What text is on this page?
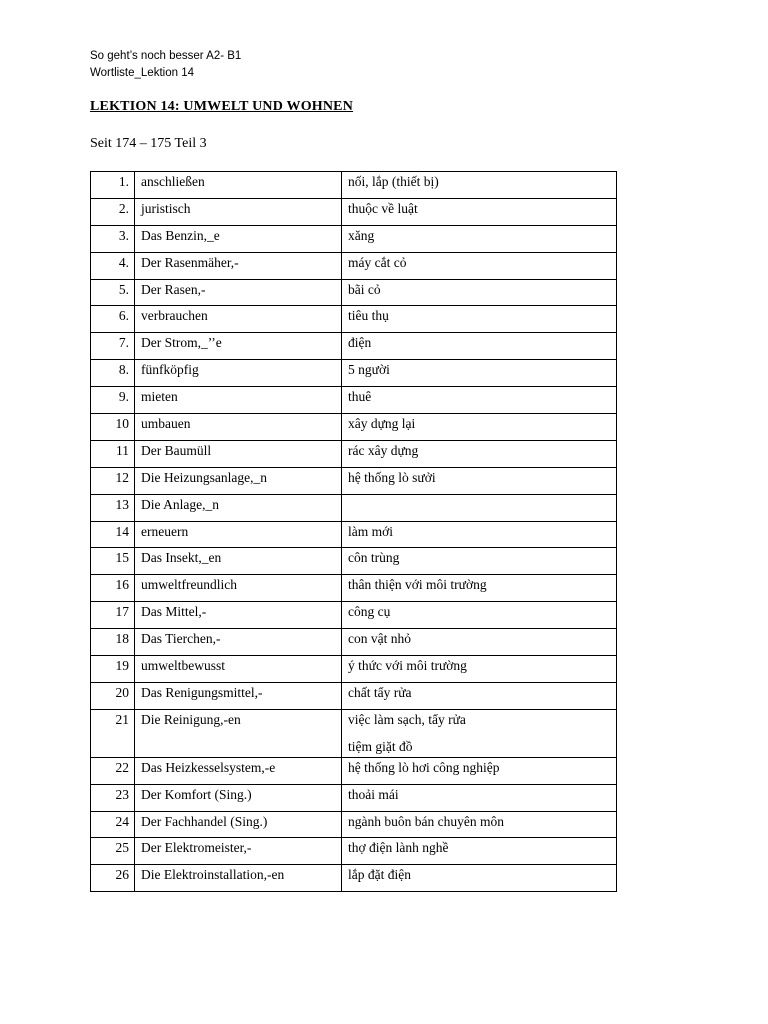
So geht’s noch besser A2- B1
Wortliste_Lektion 14
LEKTION 14: UMWELT UND WOHNEN
Seit 174 – 175 Teil 3
1.	anschließen	nối, lắp (thiết bị)
2.	juristisch	thuộc về luật
3.	Das Benzin,_e	xăng
4.	Der Rasenmäher,-	máy cắt cỏ
5.	Der Rasen,-	bãi cỏ
6.	verbrauchen	tiêu thụ
7.	Der Strom,_’’e	điện
8.	fünfköpfig	5 người
9.	mieten	thuê
10	umbauen	xây dựng lại
11	Der Baumüll	rác xây dựng
12	Die Heizungsanlage,_n	hệ thống lò sưởi
13	Die Anlage,_n	
14	erneuern	làm mới
15	Das Insekt,_en	côn trùng
16	umweltfreundlich	thân thiện với môi trường
17	Das Mittel,-	công cụ
18	Das Tierchen,-	con vật nhỏ
19	umweltbewusst	ý thức với môi trường
20	Das Renigungsmittel,-	chất tẩy rửa
21	Die Reinigung,-en	việc làm sạch, tẩy rửa
tiệm giặt đồ

22	Das Heizkesselsystem,-e	hệ thống lò hơi công nghiệp
23	Der Komfort (Sing.)	thoải mái
24	Der Fachhandel (Sing.)	ngành buôn bán chuyên môn
25	Der Elektromeister,-	thợ điện lành nghề
26	Die Elektroinstallation,-en	lắp đặt điện
